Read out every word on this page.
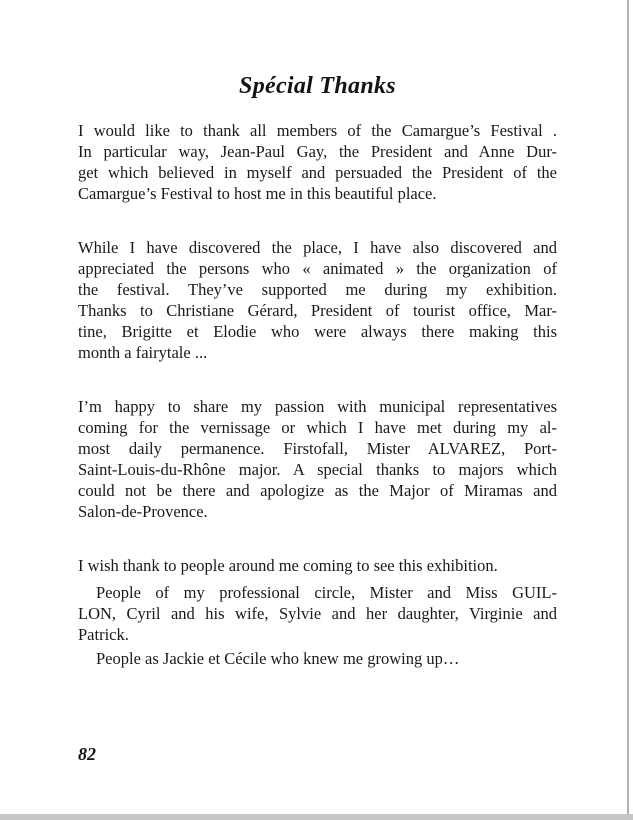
Spécial Thanks
I would like to thank all members of the Camargue’s Festival .
In particular way, Jean-Paul Gay, the President and Anne Dur-
get which believed in myself and persuaded the President of the
Camargue’s Festival to host me in this beautiful place.
While I have discovered the place, I have also discovered and
appreciated the persons who « animated » the organization of
the festival. They’ve supported me during my exhibition.
Thanks to Christiane Gérard, President of tourist office, Mar-
tine, Brigitte et Elodie who were always there making this
month a fairytale ...
I’m happy to share my passion with municipal representatives
coming for the vernissage or which I have met during my al-
most daily permanence. Firstofall, Mister ALVAREZ, Port-
Saint-Louis-du-Rhône major. A special thanks to majors which
could not be there and apologize as the Major of Miramas and
Salon-de-Provence.
I wish thank to people around me coming to see this exhibition.
People of my professional circle, Mister and Miss GUIL-
LON, Cyril and his wife, Sylvie and her daughter, Virginie and
Patrick.
People as Jackie et Cécile who knew me growing up…
82
